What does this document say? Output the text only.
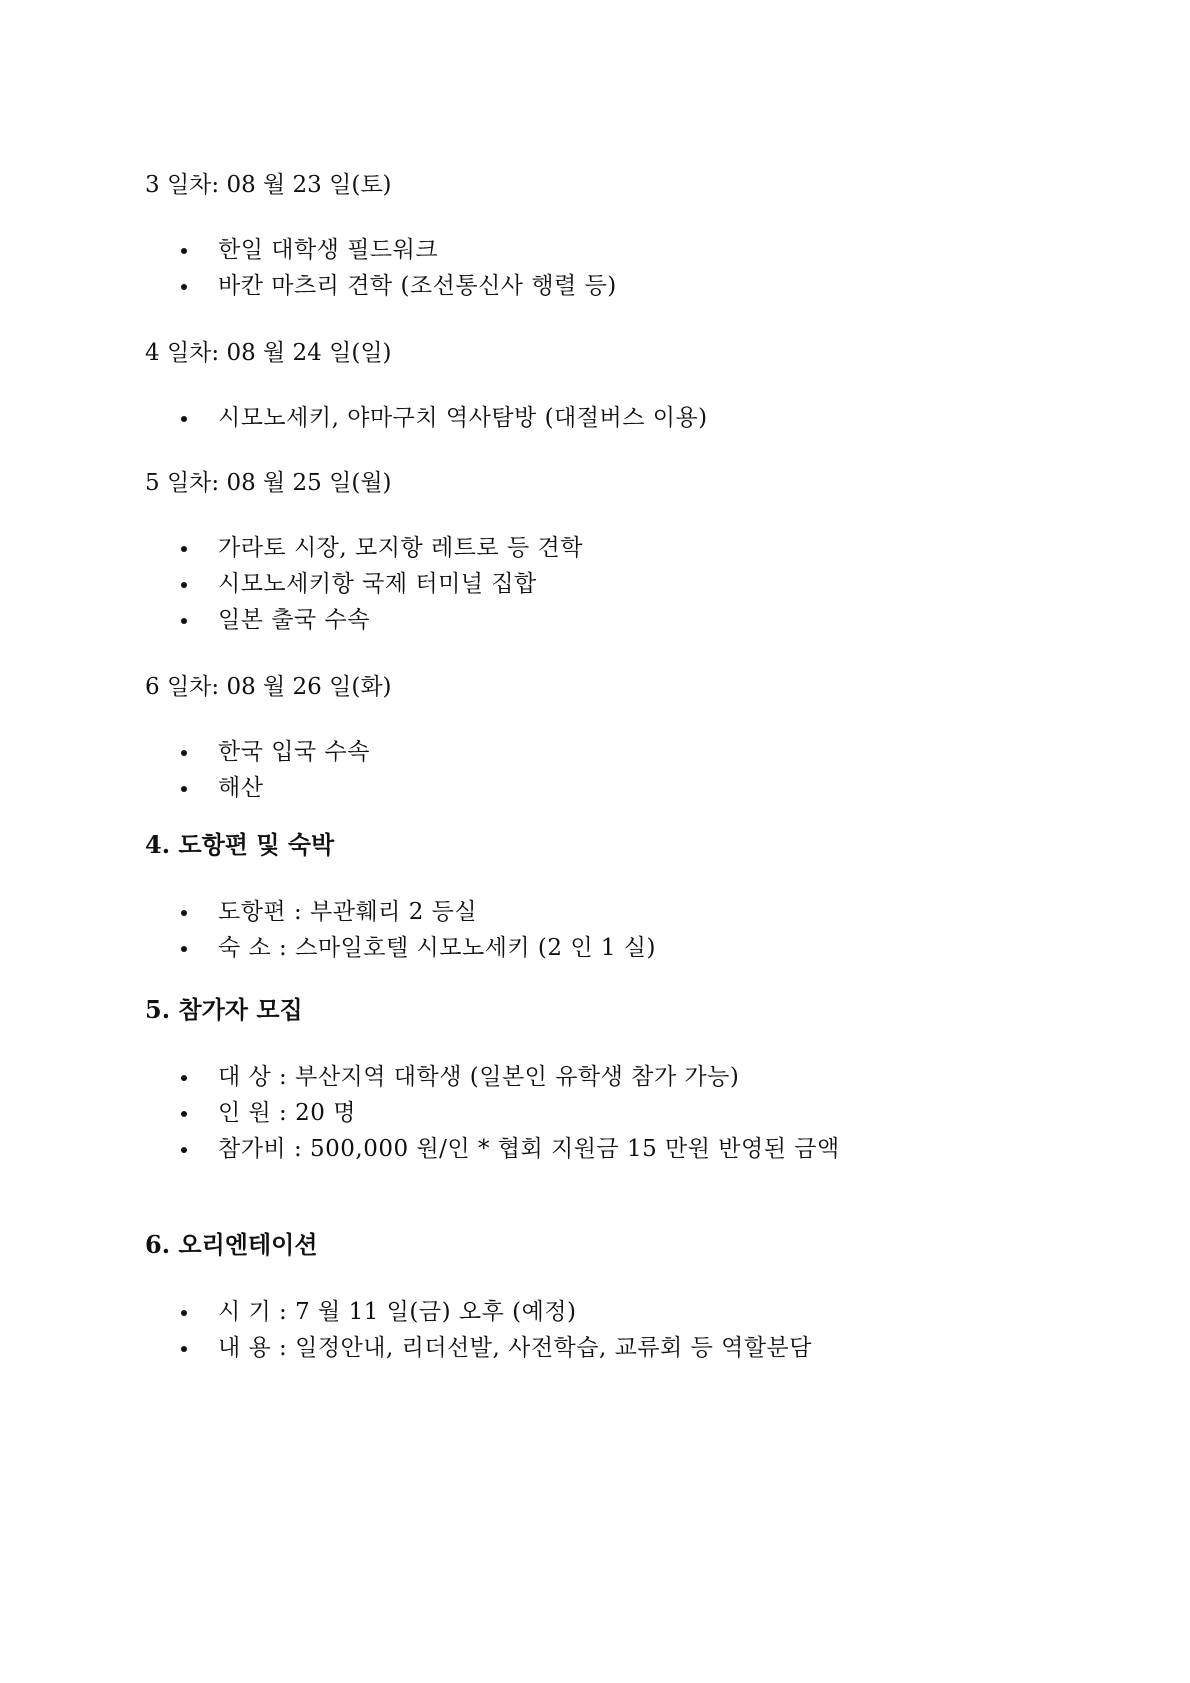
3 일차: 08 월 23 일(토)

한일 대학생 필드워크
바칸 마츠리 견학 (조선통신사 행렬 등)

4 일차: 08 월 24 일(일)

시모노세키, 야마구치 역사탐방 (대절버스 이용)

5 일차: 08 월 25 일(월)

가라토 시장, 모지항 레트로 등 견학
시모노세키항 국제 터미널 집합
일본 출국 수속

6 일차: 08 월 26 일(화)

한국 입국 수속
해산
4. 도항편 및 숙박
도항편 : 부관훼리 2 등실
숙 소 : 스마일호텔 시모노세키 (2 인 1 실)
5. 참가자 모집
대 상 : 부산지역 대학생 (일본인 유학생 참가 가능)
인 원 : 20 명
참가비 : 500,000 원/인 * 협회 지원금 15 만원 반영된 금액
6. 오리엔테이션
시 기 : 7 월 11 일(금) 오후 (예정)
내 용 : 일정안내, 리더선발, 사전학습, 교류회 등 역할분담
